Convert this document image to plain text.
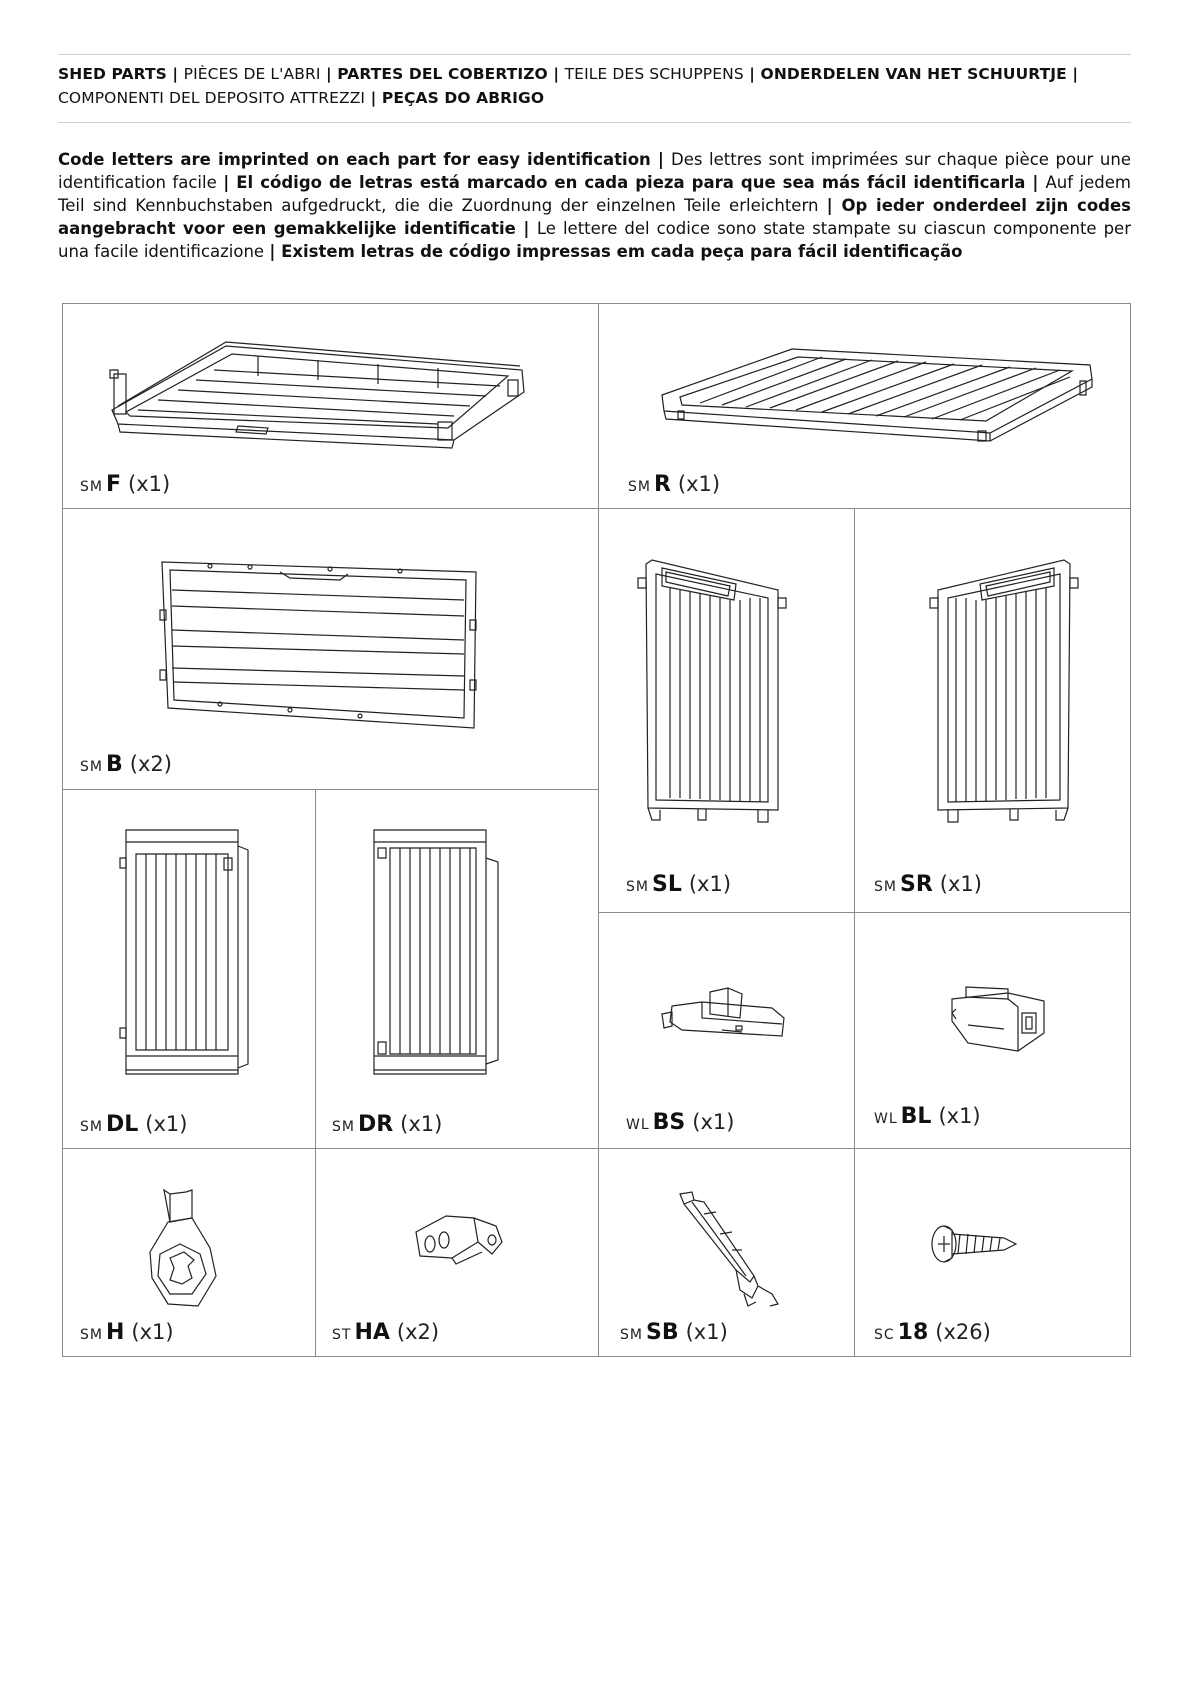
SHED PARTS | PIÈCES DE L'ABRI | PARTES DEL COBERTIZO | TEILE DES SCHUPPENS | ONDERDELEN VAN HET SCHUURTJE | COMPONENTI DEL DEPOSITO ATTREZZI | PEÇAS DO ABRIGO
Code letters are imprinted on each part for easy identification | Des lettres sont imprimées sur chaque pièce pour une identification facile | El código de letras está marcado en cada pieza para que sea más fácil identificarla | Auf jedem Teil sind Kennbuchstaben aufgedruckt, die die Zuordnung der einzelnen Teile erleichtern | Op ieder onderdeel zijn codes aangebracht voor een gemakkelijke identificatie | Le lettere del codice sono state stampate su ciascun componente per una facile identificazione | Existem letras de código impressas em cada peça para fácil identificação
SM F (x1)	SM R (x1)
SM B (x2)
SM SL (x1)	SM SR (x1)
SM DL (x1)	SM DR (x1)	WL BS (x1)	WL BL (x1)
SM H (x1)	ST HA (x2)	SM SB (x1)	SC 18 (x26)
